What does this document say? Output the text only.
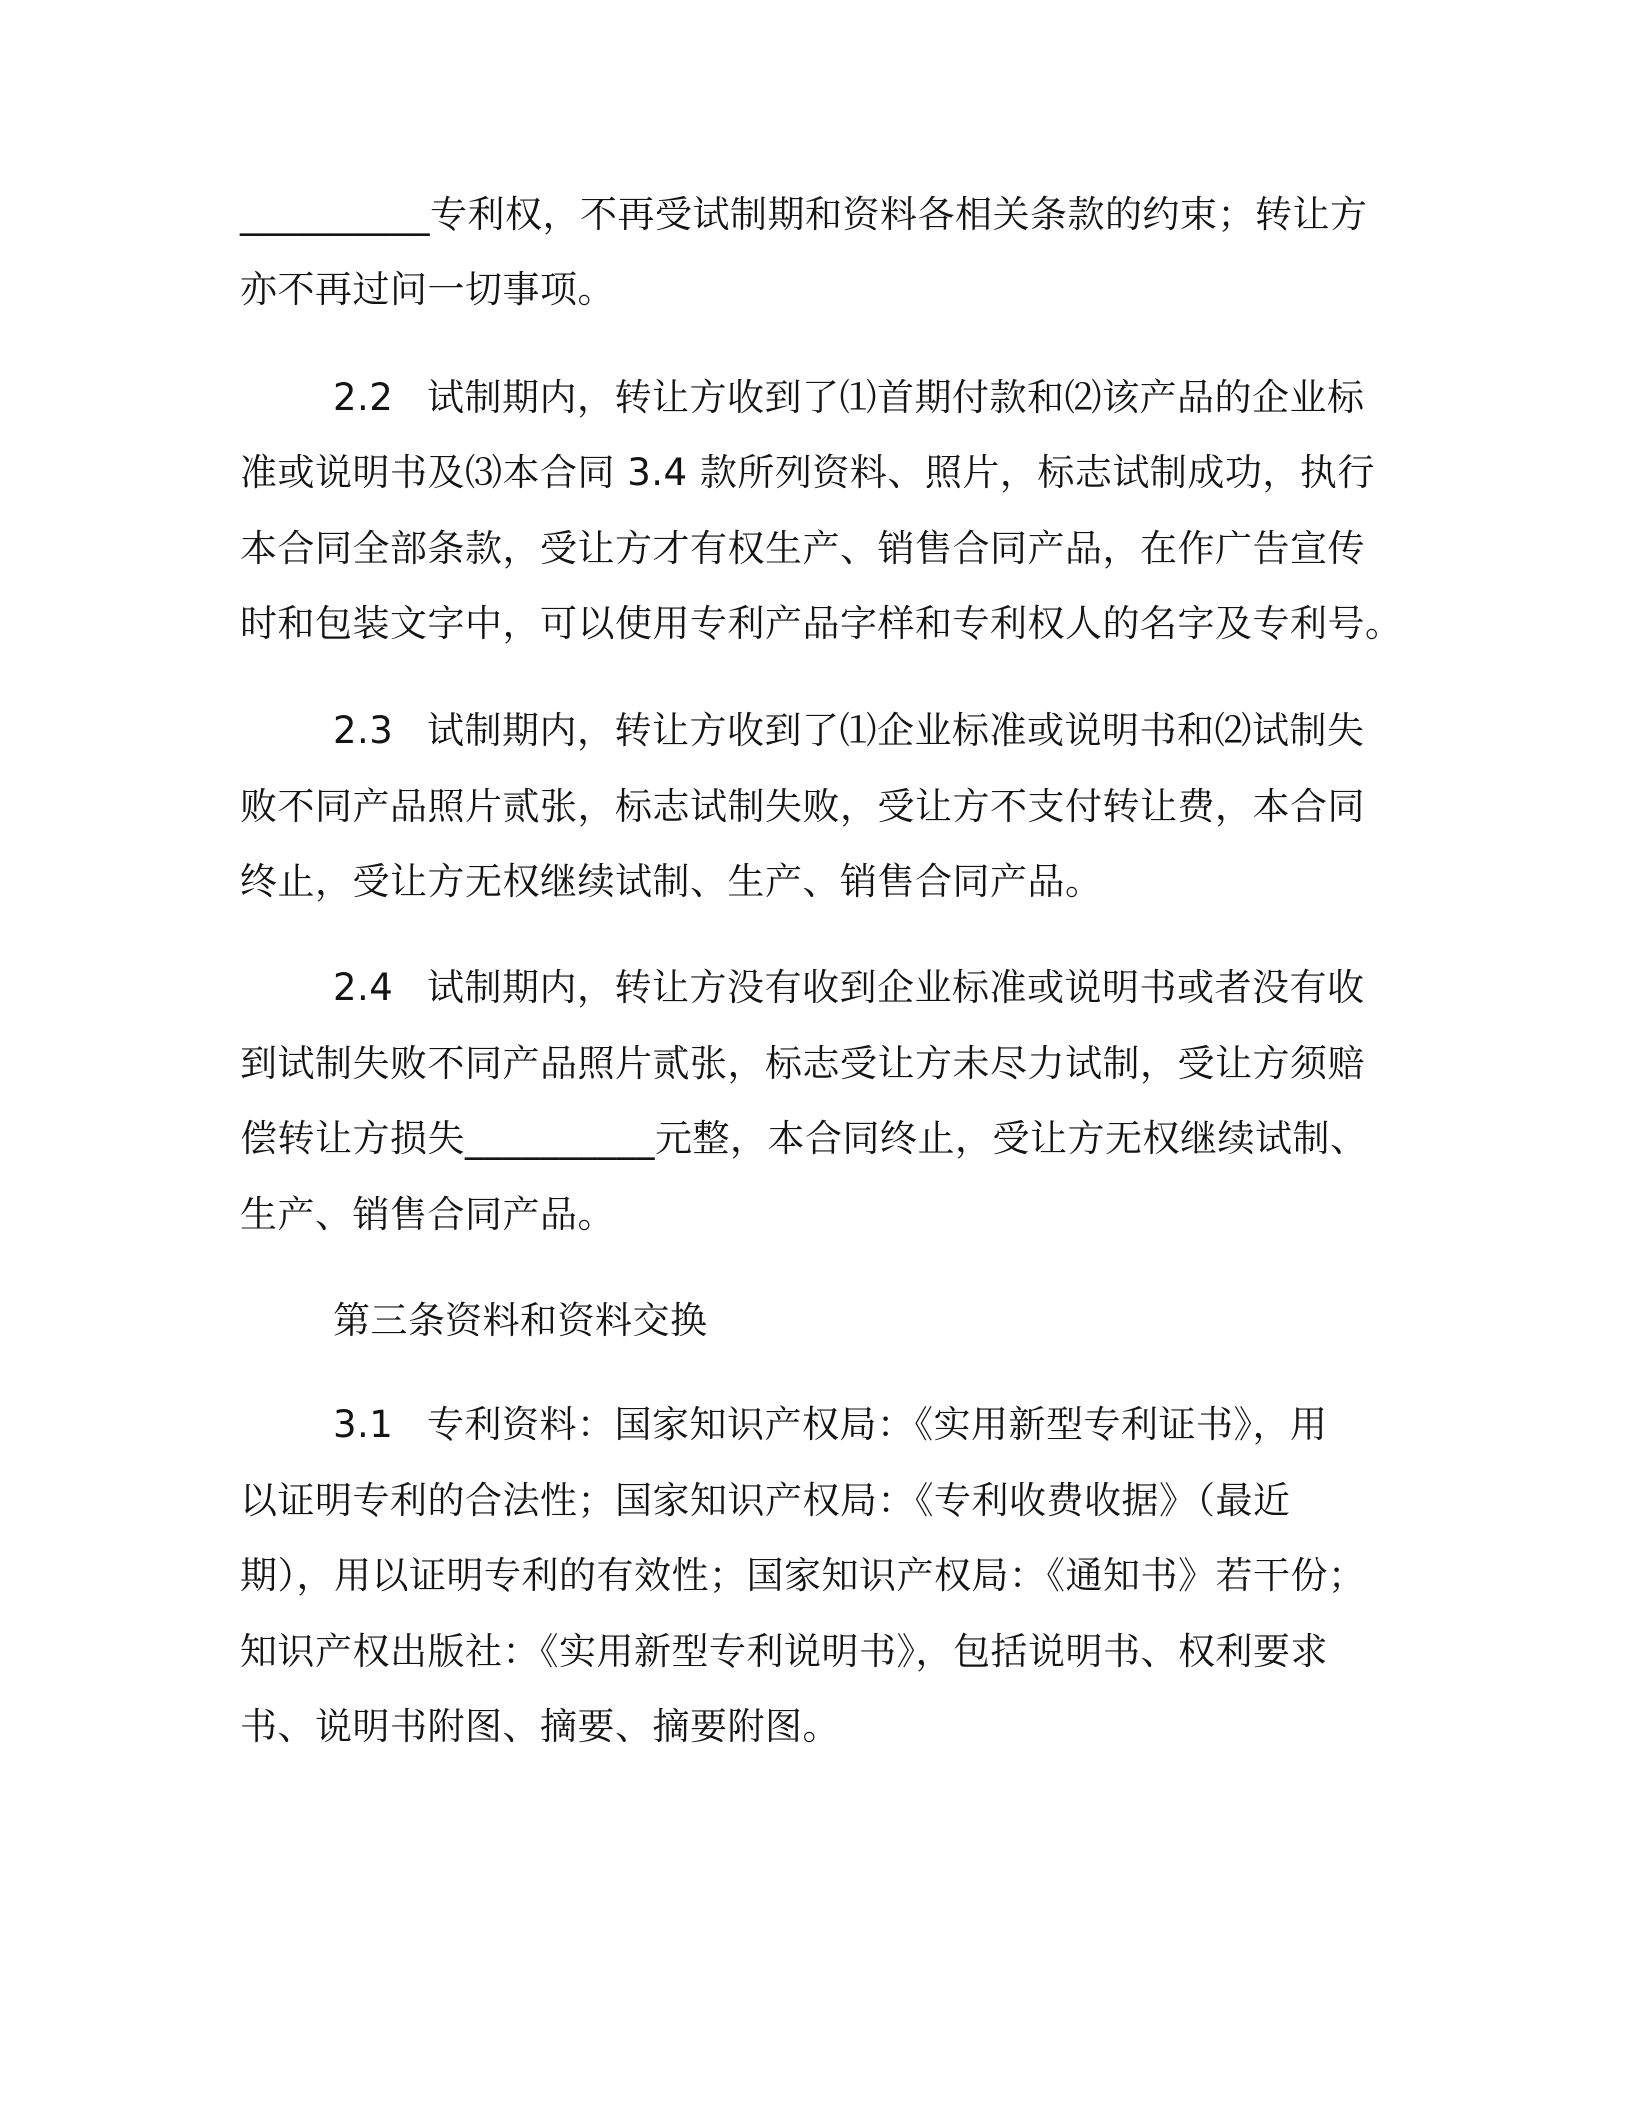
__________专利权，不再受试制期和资料各相关条款的约束；转让方
亦不再过问一切事项。
2.2 试制期内，转让方收到了⑴首期付款和⑵该产品的企业标
准或说明书及⑶本合同 3.4 款所列资料、照片，标志试制成功，执行
本合同全部条款，受让方才有权生产、销售合同产品，在作广告宣传
时和包装文字中，可以使用专利产品字样和专利权人的名字及专利号。
2.3 试制期内，转让方收到了⑴企业标准或说明书和⑵试制失
败不同产品照片贰张，标志试制失败，受让方不支付转让费，本合同
终止，受让方无权继续试制、生产、销售合同产品。
2.4 试制期内，转让方没有收到企业标准或说明书或者没有收
到试制失败不同产品照片贰张，标志受让方未尽力试制，受让方须赔
偿转让方损失__________元整，本合同终止，受让方无权继续试制、
生产、销售合同产品。
第三条资料和资料交换
3.1 专利资料：国家知识产权局：《实用新型专利证书》，用
以证明专利的合法性；国家知识产权局：《专利收费收据》（最近
期），用以证明专利的有效性；国家知识产权局：《通知书》若干份；
知识产权出版社：《实用新型专利说明书》，包括说明书、权利要求
书、说明书附图、摘要、摘要附图。
